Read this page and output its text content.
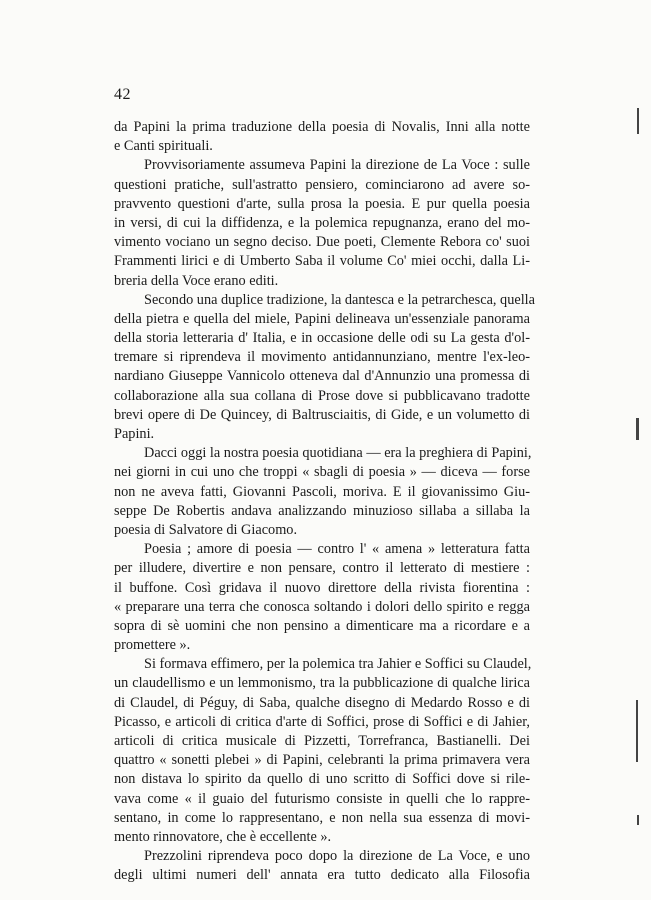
42
da Papini la prima traduzione della poesia di Novalis, Inni alla notte
e Canti spirituali.
Provvisoriamente assumeva Papini la direzione de La Voce : sulle
questioni pratiche, sull'astratto pensiero, cominciarono ad avere so-
pravvento questioni d'arte, sulla prosa la poesia. E pur quella poesia
in versi, di cui la diffidenza, e la polemica repugnanza, erano del mo-
vimento vociano un segno deciso. Due poeti, Clemente Rebora co' suoi
Frammenti lirici e di Umberto Saba il volume Co' miei occhi, dalla Li-
breria della Voce erano editi.
Secondo una duplice tradizione, la dantesca e la petrarchesca, quella
della pietra e quella del miele, Papini delineava un'essenziale panorama
della storia letteraria d' Italia, e in occasione delle odi su La gesta d'ol-
tremare si riprendeva il movimento antidannunziano, mentre l'ex-leo-
nardiano Giuseppe Vannicolo otteneva dal d'Annunzio una promessa di
collaborazione alla sua collana di Prose dove si pubblicavano tradotte
brevi opere di De Quincey, di Baltrusciaitis, di Gide, e un volumetto di
Papini.
Dacci oggi la nostra poesia quotidiana — era la preghiera di Papini,
nei giorni in cui uno che troppi « sbagli di poesia » — diceva — forse
non ne aveva fatti, Giovanni Pascoli, moriva. E il giovanissimo Giu-
seppe De Robertis andava analizzando minuzioso sillaba a sillaba la
poesia di Salvatore di Giacomo.
Poesia ; amore di poesia — contro l' « amena » letteratura fatta
per illudere, divertire e non pensare, contro il letterato di mestiere :
il buffone. Così gridava il nuovo direttore della rivista fiorentina :
« preparare una terra che conosca soltando i dolori dello spirito e regga
sopra di sè uomini che non pensino a dimenticare ma a ricordare e a
promettere ».
Si formava effimero, per la polemica tra Jahier e Soffici su Claudel,
un claudellismo e un lemmonismo, tra la pubblicazione di qualche lirica
di Claudel, di Péguy, di Saba, qualche disegno di Medardo Rosso e di
Picasso, e articoli di critica d'arte di Soffici, prose di Soffici e di Jahier,
articoli di critica musicale di Pizzetti, Torrefranca, Bastianelli. Dei
quattro « sonetti plebei » di Papini, celebranti la prima primavera vera
non distava lo spirito da quello di uno scritto di Soffici dove si rile-
vava come « il guaio del futurismo consiste in quelli che lo rappre-
sentano, in come lo rappresentano, e non nella sua essenza di movi-
mento rinnovatore, che è eccellente ».
Prezzolini riprendeva poco dopo la direzione de La Voce, e uno
degli ultimi numeri dell' annata era tutto dedicato alla Filosofia
